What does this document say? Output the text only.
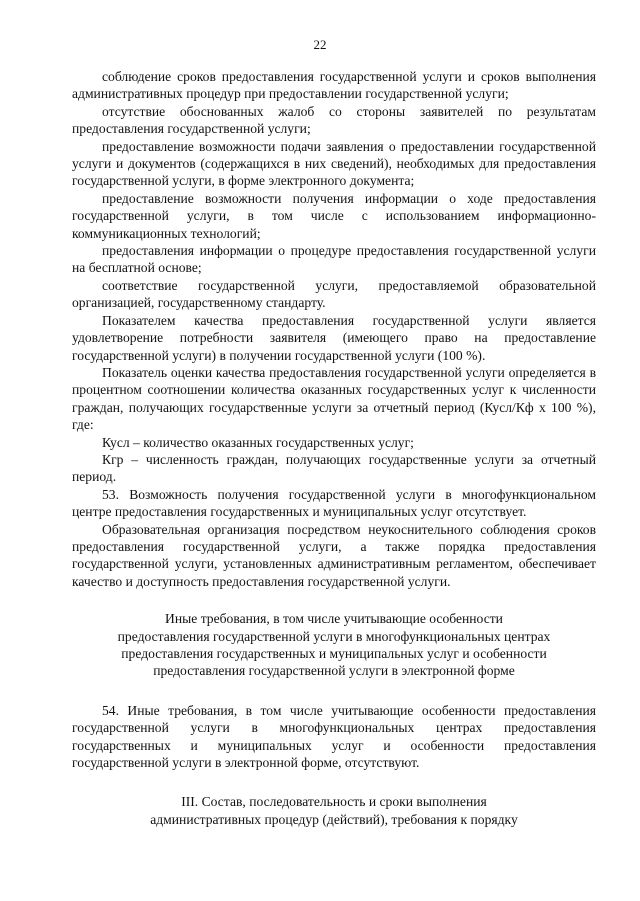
22

соблюдение сроков предоставления государственной услуги и сроков выполнения административных процедур при предоставлении государственной услуги;

отсутствие обоснованных жалоб со стороны заявителей по результатам предоставления государственной услуги;

предоставление возможности подачи заявления о предоставлении государственной услуги и документов (содержащихся в них сведений), необходимых для предоставления государственной услуги, в форме электронного документа;

предоставление возможности получения информации о ходе предоставления государственной услуги, в том числе с использованием информационно-коммуникационных технологий;

предоставления информации о процедуре предоставления государственной услуги на бесплатной основе;

соответствие государственной услуги, предоставляемой образовательной организацией, государственному стандарту.

Показателем качества предоставления государственной услуги является удовлетворение потребности заявителя (имеющего право на предоставление государственной услуги) в получении государственной услуги (100 %).

Показатель оценки качества предоставления государственной услуги определяется в процентном соотношении количества оказанных государственных услуг к численности граждан, получающих государственные услуги за отчетный период (Кусл/Кф х 100 %), где:

Кусл – количество оказанных государственных услуг;

Кгр – численность граждан, получающих государственные услуги за отчетный период.

53. Возможность получения государственной услуги в многофункциональном центре предоставления государственных и муниципальных услуг отсутствует.

Образовательная организация посредством неукоснительного соблюдения сроков предоставления государственной услуги, а также порядка предоставления государственной услуги, установленных административным регламентом, обеспечивает качество и доступность предоставления государственной услуги.

Иные требования, в том числе учитывающие особенности
предоставления государственной услуги в многофункциональных центрах
предоставления государственных и муниципальных услуг и особенности
предоставления государственной услуги в электронной форме

54. Иные требования, в том числе учитывающие особенности предоставления государственной услуги в многофункциональных центрах предоставления государственных и муниципальных услуг и особенности предоставления государственной услуги в электронной форме, отсутствуют.

III. Состав, последовательность и сроки выполнения
административных процедур (действий), требования к порядку
